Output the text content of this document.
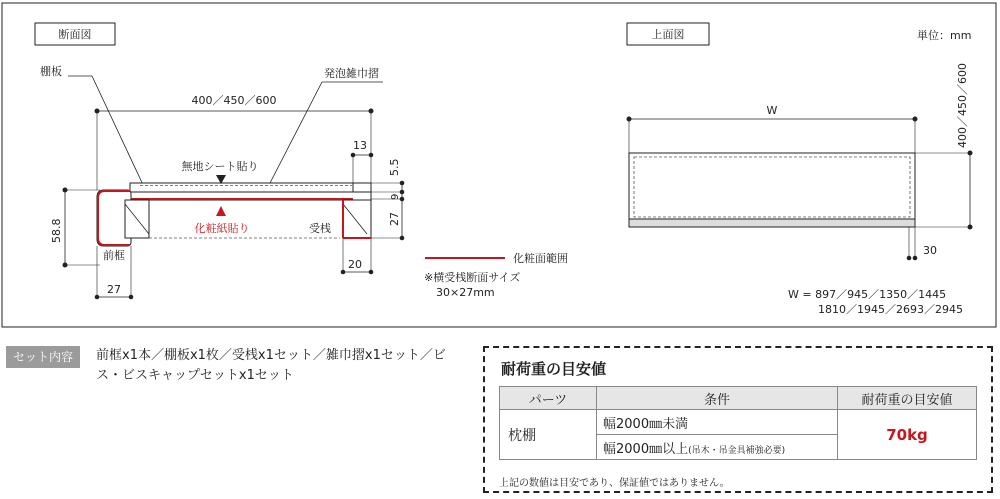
断面図
棚板	発泡雑巾摺
400／450／600
13
5.5
9
27
無地シート貼り
化粧紙貼り	受桟
58.8
前框
27
20	化粧面範囲
※横受桟断面サイズ
30×27mm
上面図	単位：mm
W	400／450／600
30
W = 897／945／1350／1445
1810／1945／2693／2945
セット内容	前框x1本／棚板x1枚／受桟x1セット／雑巾摺x1セット／ビス・ビスキャップセットx1セット	耐荷重の目安値
パーツ	条件	耐荷重の目安値
枕棚	幅2000㎜未満	70kg
	幅2000㎜以上(吊木・吊金具補強必要)	
上記の数値は目安であり、保証値ではありません。
